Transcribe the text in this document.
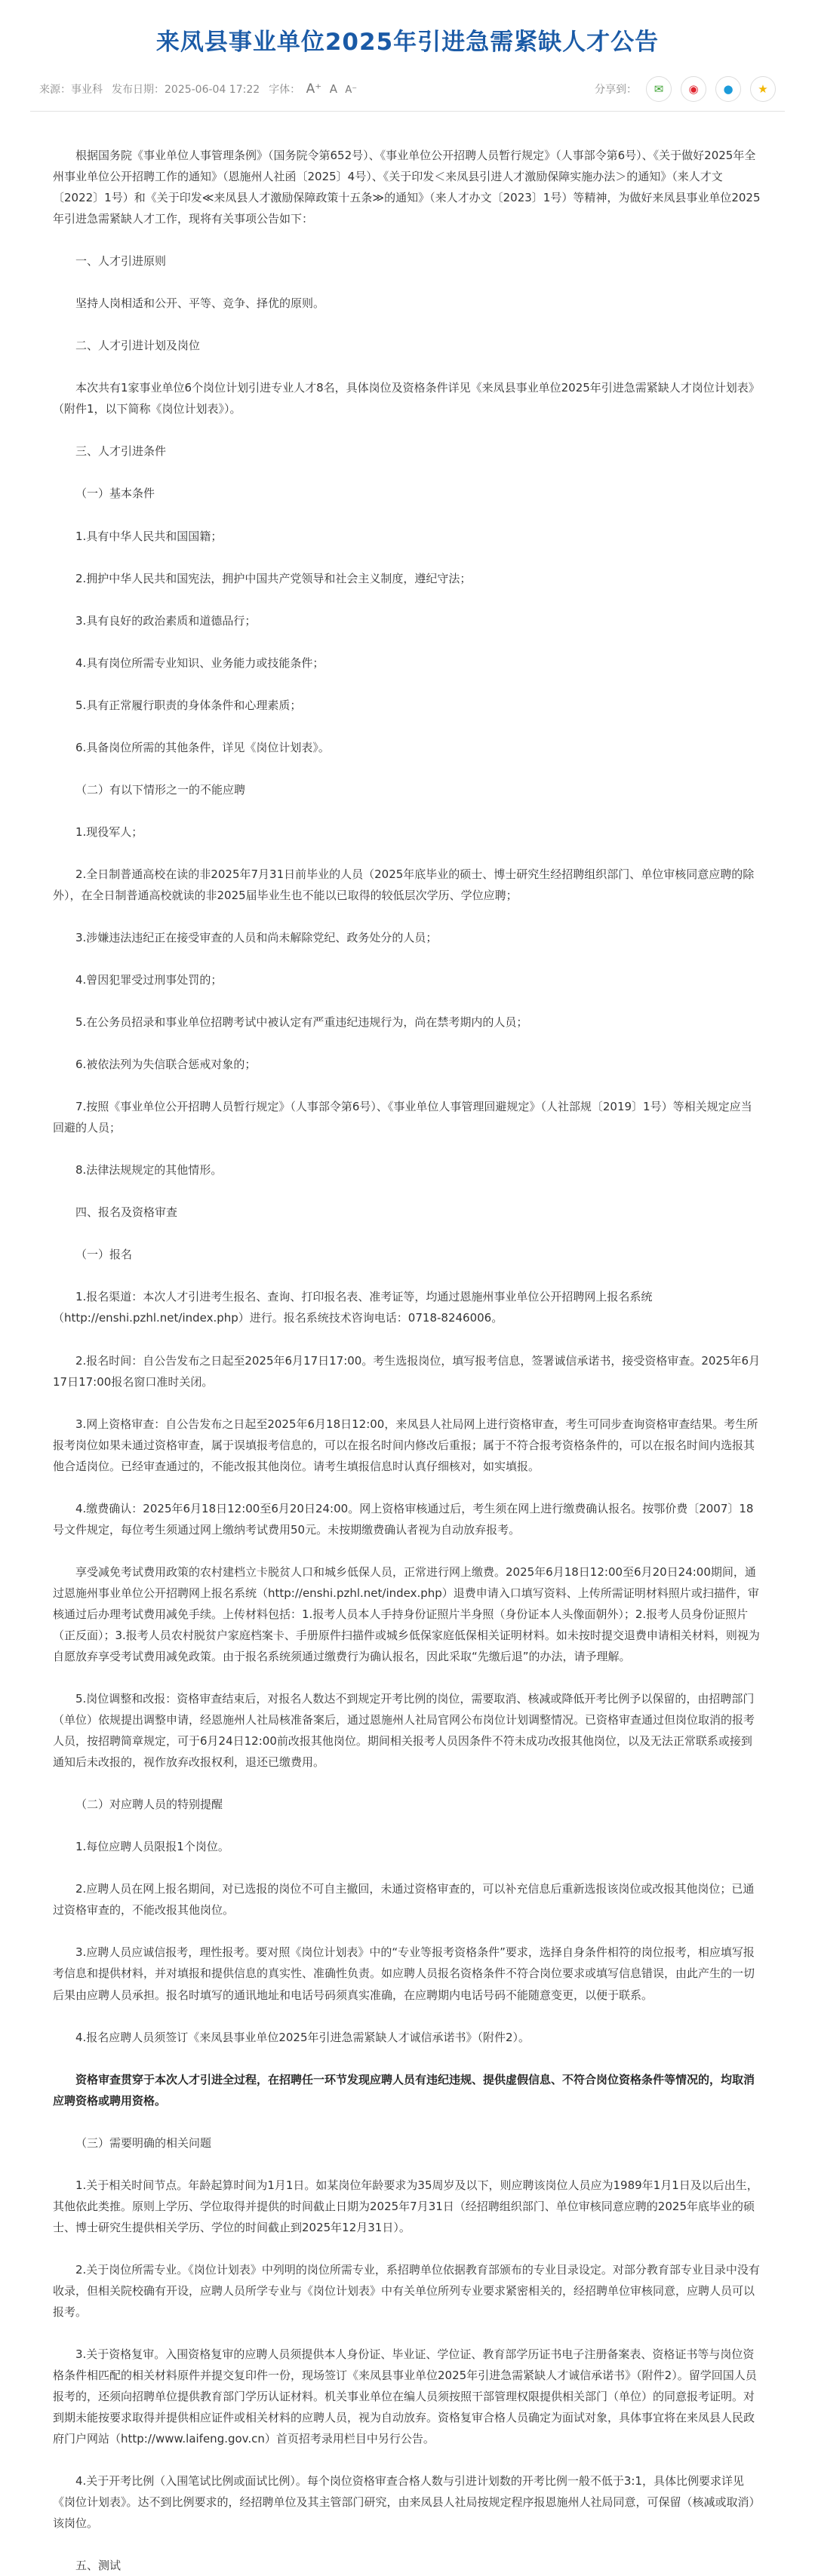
来凤县事业单位2025年引进急需紧缺人才公告
来源：事业科 发布日期：2025-06-04 17:22 字体： A⁺ A A⁻	分享到：	✉	◉	●	★

根据国务院《事业单位人事管理条例》（国务院令第652号）、《事业单位公开招聘人员暂行规定》（人事部令第6号）、《关于做好2025年全州事业单位公开招聘工作的通知》（恩施州人社函〔2025〕4号）、《关于印发＜来凤县引进人才激励保障实施办法＞的通知》（来人才文〔2022〕1号）和《关于印发≪来凤县人才激励保障政策十五条≫的通知》（来人才办文〔2023〕1号）等精神，为做好来凤县事业单位2025年引进急需紧缺人才工作，现将有关事项公告如下：

一、人才引进原则

坚持人岗相适和公开、平等、竞争、择优的原则。

二、人才引进计划及岗位

本次共有1家事业单位6个岗位计划引进专业人才8名，具体岗位及资格条件详见《来凤县事业单位2025年引进急需紧缺人才岗位计划表》（附件1，以下简称《岗位计划表》）。

三、人才引进条件

（一）基本条件

1.具有中华人民共和国国籍；

2.拥护中华人民共和国宪法，拥护中国共产党领导和社会主义制度，遵纪守法；

3.具有良好的政治素质和道德品行；

4.具有岗位所需专业知识、业务能力或技能条件；

5.具有正常履行职责的身体条件和心理素质；

6.具备岗位所需的其他条件，详见《岗位计划表》。

（二）有以下情形之一的不能应聘

1.现役军人；

2.全日制普通高校在读的非2025年7月31日前毕业的人员（2025年底毕业的硕士、博士研究生经招聘组织部门、单位审核同意应聘的除外），在全日制普通高校就读的非2025届毕业生也不能以已取得的较低层次学历、学位应聘；

3.涉嫌违法违纪正在接受审查的人员和尚未解除党纪、政务处分的人员；

4.曾因犯罪受过刑事处罚的；

5.在公务员招录和事业单位招聘考试中被认定有严重违纪违规行为，尚在禁考期内的人员；

6.被依法列为失信联合惩戒对象的；

7.按照《事业单位公开招聘人员暂行规定》（人事部令第6号）、《事业单位人事管理回避规定》（人社部规〔2019〕1号）等相关规定应当回避的人员；

8.法律法规规定的其他情形。

四、报名及资格审查

（一）报名

1.报名渠道：本次人才引进考生报名、查询、打印报名表、准考证等，均通过恩施州事业单位公开招聘网上报名系统（http://enshi.pzhl.net/index.php）进行。报名系统技术咨询电话：0718-8246006。

2.报名时间：自公告发布之日起至2025年6月17日17:00。考生选报岗位，填写报考信息，签署诚信承诺书，接受资格审查。2025年6月17日17:00报名窗口准时关闭。

3.网上资格审查：自公告发布之日起至2025年6月18日12:00，来凤县人社局网上进行资格审查，考生可同步查询资格审查结果。考生所报考岗位如果未通过资格审查，属于误填报考信息的，可以在报名时间内修改后重报；属于不符合报考资格条件的，可以在报名时间内选报其他合适岗位。已经审查通过的，不能改报其他岗位。请考生填报信息时认真仔细核对，如实填报。

4.缴费确认：2025年6月18日12:00至6月20日24:00。网上资格审核通过后，考生须在网上进行缴费确认报名。按鄂价费〔2007〕18号文件规定，每位考生须通过网上缴纳考试费用50元。未按期缴费确认者视为自动放弃报考。

享受减免考试费用政策的农村建档立卡脱贫人口和城乡低保人员，正常进行网上缴费。2025年6月18日12:00至6月20日24:00期间，通过恩施州事业单位公开招聘网上报名系统（http://enshi.pzhl.net/index.php）退费申请入口填写资料、上传所需证明材料照片或扫描件，审核通过后办理考试费用减免手续。上传材料包括：1.报考人员本人手持身份证照片半身照（身份证本人头像面朝外）；2.报考人员身份证照片（正反面）；3.报考人员农村脱贫户家庭档案卡、手册原件扫描件或城乡低保家庭低保相关证明材料。如未按时提交退费申请相关材料，则视为自愿放弃享受考试费用减免政策。由于报名系统须通过缴费行为确认报名，因此采取“先缴后退”的办法，请予理解。

5.岗位调整和改报：资格审查结束后，对报名人数达不到规定开考比例的岗位，需要取消、核减或降低开考比例予以保留的，由招聘部门（单位）依规提出调整申请，经恩施州人社局核准备案后，通过恩施州人社局官网公布岗位计划调整情况。已资格审查通过但岗位取消的报考人员，按招聘简章规定，可于6月24日12:00前改报其他岗位。期间相关报考人员因条件不符未成功改报其他岗位，以及无法正常联系或接到通知后未改报的，视作放弃改报权利，退还已缴费用。

（二）对应聘人员的特别提醒

1.每位应聘人员限报1个岗位。

2.应聘人员在网上报名期间，对已选报的岗位不可自主撤回，未通过资格审查的，可以补充信息后重新选报该岗位或改报其他岗位；已通过资格审查的，不能改报其他岗位。

3.应聘人员应诚信报考，理性报考。要对照《岗位计划表》中的“专业等报考资格条件”要求，选择自身条件相符的岗位报考，相应填写报考信息和提供材料，并对填报和提供信息的真实性、准确性负责。如应聘人员报名资格条件不符合岗位要求或填写信息错误，由此产生的一切后果由应聘人员承担。报名时填写的通讯地址和电话号码须真实准确，在应聘期内电话号码不能随意变更，以便于联系。

4.报名应聘人员须签订《来凤县事业单位2025年引进急需紧缺人才诚信承诺书》（附件2）。

资格审查贯穿于本次人才引进全过程，在招聘任一环节发现应聘人员有违纪违规、提供虚假信息、不符合岗位资格条件等情况的，均取消应聘资格或聘用资格。

（三）需要明确的相关问题

1.关于相关时间节点。年龄起算时间为1月1日。如某岗位年龄要求为35周岁及以下，则应聘该岗位人员应为1989年1月1日及以后出生，其他依此类推。原则上学历、学位取得并提供的时间截止日期为2025年7月31日（经招聘组织部门、单位审核同意应聘的2025年底毕业的硕士、博士研究生提供相关学历、学位的时间截止到2025年12月31日）。

2.关于岗位所需专业。《岗位计划表》中列明的岗位所需专业，系招聘单位依据教育部颁布的专业目录设定。对部分教育部专业目录中没有收录，但相关院校确有开设，应聘人员所学专业与《岗位计划表》中有关单位所列专业要求紧密相关的，经招聘单位审核同意，应聘人员可以报考。

3.关于资格复审。入围资格复审的应聘人员须提供本人身份证、毕业证、学位证、教育部学历证书电子注册备案表、资格证书等与岗位资格条件相匹配的相关材料原件并提交复印件一份，现场签订《来凤县事业单位2025年引进急需紧缺人才诚信承诺书》（附件2）。留学回国人员报考的，还须向招聘单位提供教育部门学历认证材料。机关事业单位在编人员须按照干部管理权限提供相关部门（单位）的同意报考证明。对到期未能按要求取得并提供相应证件或相关材料的应聘人员，视为自动放弃。资格复审合格人员确定为面试对象，具体事宜将在来凤县人民政府门户网站（http://www.laifeng.gov.cn）首页招考录用栏目中另行公告。

4.关于开考比例（入围笔试比例或面试比例）。每个岗位资格审查合格人数与引进计划数的开考比例一般不低于3:1，具体比例要求详见《岗位计划表》。达不到比例要求的，经招聘单位及其主管部门研究，由来凤县人社局按规定程序报恩施州人社局同意，可保留（核减或取消）该岗位。

五、测试
